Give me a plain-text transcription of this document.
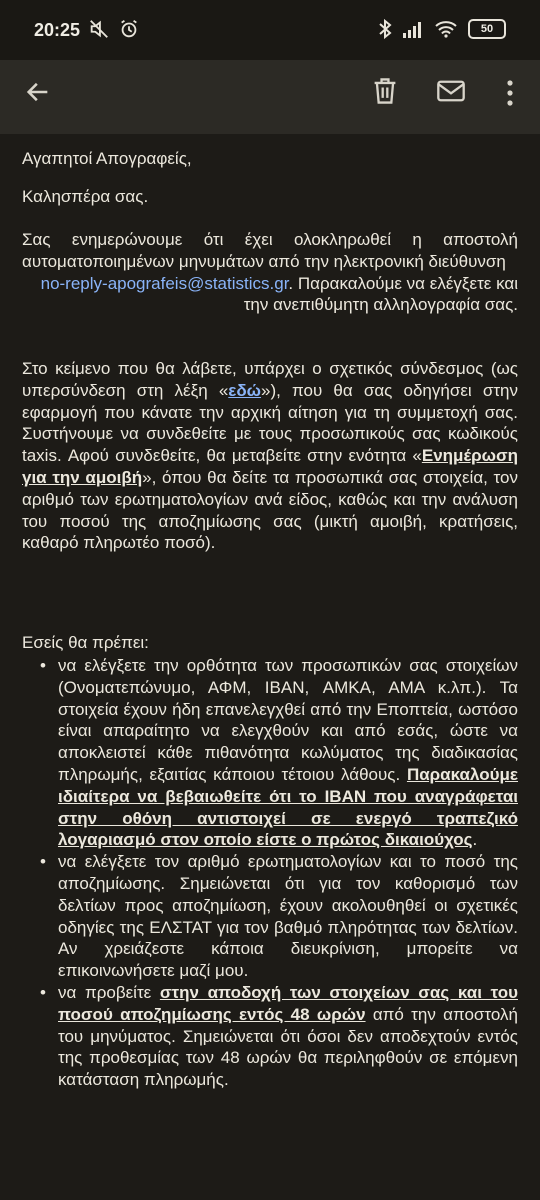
20:25
	50

Αγαπητοί Απογραφείς,

Καλησπέρα σας.

Σας ενημερώνουμε ότι έχει ολοκληρωθεί η αποστολή αυτοματοποιημένων μηνυμάτων από την ηλεκτρονική διεύθυνση
no-reply-apografeis@statistics.gr. Παρακαλούμε να ελέγξετε και την ανεπιθύμητη αλληλογραφία σας.

Στο κείμενο που θα λάβετε, υπάρχει ο σχετικός σύνδεσμος (ως υπερσύνδεση στη λέξη «εδώ»), που θα σας οδηγήσει στην εφαρμογή που κάνατε την αρχική αίτηση για τη συμμετοχή σας. Συστήνουμε να συνδεθείτε με τους προσωπικούς σας κωδικούς taxis. Αφού συνδεθείτε, θα μεταβείτε στην ενότητα «Ενημέρωση για την αμοιβή», όπου θα δείτε τα προσωπικά σας στοιχεία, τον αριθμό των ερωτηματολογίων ανά είδος, καθώς και την ανάλυση του ποσού της αποζημίωσης σας (μικτή αμοιβή, κρατήσεις, καθαρό πληρωτέο ποσό).

Εσείς θα πρέπει:

• να ελέγξετε την ορθότητα των προσωπικών σας στοιχείων (Ονοματεπώνυμο, ΑΦΜ, IBAN, ΑΜΚΑ, ΑΜΑ κ.λπ.). Τα στοιχεία έχουν ήδη επανελεγχθεί από την Εποπτεία, ωστόσο είναι απαραίτητο να ελεγχθούν και από εσάς, ώστε να αποκλειστεί κάθε πιθανότητα κωλύματος της διαδικασίας πληρωμής, εξαιτίας κάποιου τέτοιου λάθους. Παρακαλούμε ιδιαίτερα να βεβαιωθείτε ότι το IBAN που αναγράφεται στην οθόνη αντιστοιχεί σε ενεργό τραπεζικό λογαριασμό στον οποίο είστε ο πρώτος δικαιούχος.
• να ελέγξετε τον αριθμό ερωτηματολογίων και το ποσό της αποζημίωσης. Σημειώνεται ότι για τον καθορισμό των δελτίων προς αποζημίωση, έχουν ακολουθηθεί οι σχετικές οδηγίες της ΕΛΣΤΑΤ για τον βαθμό πληρότητας των δελτίων. Αν χρειάζεστε κάποια διευκρίνιση, μπορείτε να επικοινωνήσετε μαζί μου.
• να προβείτε στην αποδοχή των στοιχείων σας και του ποσού αποζημίωσης εντός 48 ωρών από την αποστολή του μηνύματος. Σημειώνεται ότι όσοι δεν αποδεχτούν εντός της προθεσμίας των 48 ωρών θα περιληφθούν σε επόμενη κατάσταση πληρωμής.
